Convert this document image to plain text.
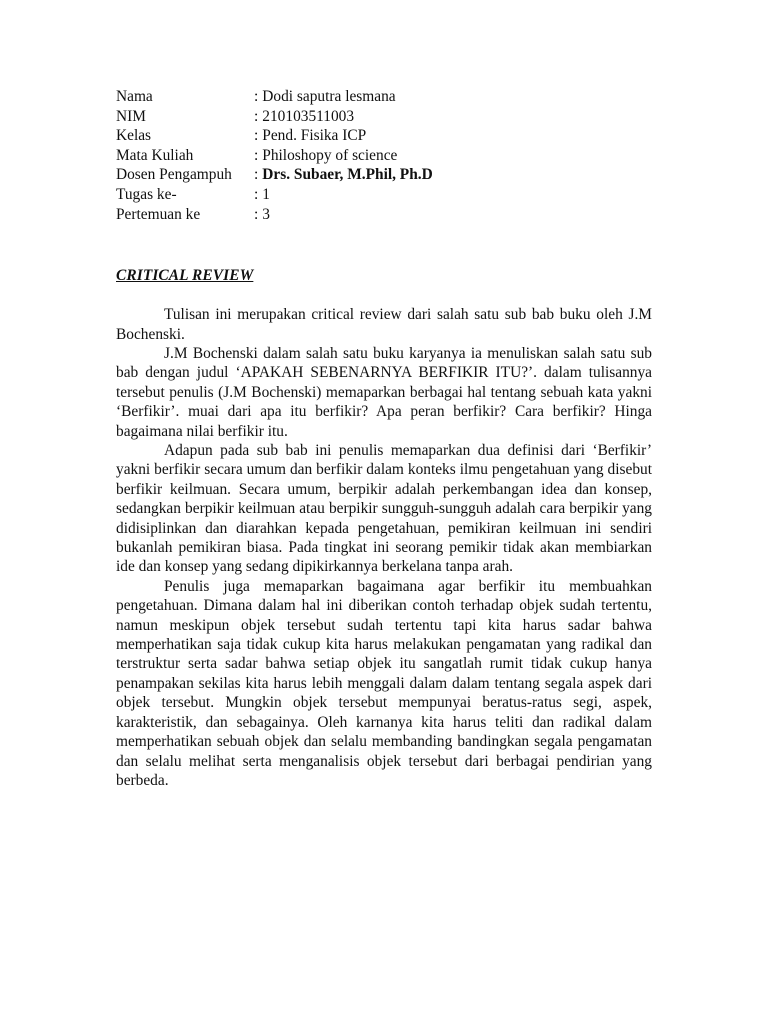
Nama	: Dodi saputra lesmana
NIM	: 210103511003
Kelas	: Pend. Fisika ICP
Mata Kuliah	: Philoshopy of science
Dosen Pengampuh	: Drs. Subaer, M.Phil, Ph.D
Tugas ke-	: 1
Pertemuan ke	: 3
CRITICAL REVIEW

Tulisan ini merupakan critical review dari salah satu sub bab buku oleh J.M Bochenski.

J.M Bochenski dalam salah satu buku karyanya ia menuliskan salah satu sub bab dengan judul ‘APAKAH SEBENARNYA BERFIKIR ITU?’. dalam tulisannya tersebut penulis (J.M Bochenski) memaparkan berbagai hal tentang sebuah kata yakni ‘Berfikir’. muai dari apa itu berfikir? Apa peran berfikir? Cara berfikir? Hinga bagaimana nilai berfikir itu.

Adapun pada sub bab ini penulis memaparkan dua definisi dari ‘Berfikir’ yakni berfikir secara umum dan berfikir dalam konteks ilmu pengetahuan yang disebut berfikir keilmuan. Secara umum, berpikir adalah perkembangan idea dan konsep, sedangkan berpikir keilmuan atau berpikir sungguh-sungguh adalah cara berpikir yang didisiplinkan dan diarahkan kepada pengetahuan, pemikiran keilmuan ini sendiri bukanlah pemikiran biasa. Pada tingkat ini seorang pemikir tidak akan membiarkan ide dan konsep yang sedang dipikirkannya berkelana tanpa arah.

Penulis juga memaparkan bagaimana agar berfikir itu membuahkan pengetahuan. Dimana dalam hal ini diberikan contoh terhadap objek sudah tertentu, namun meskipun objek tersebut sudah tertentu tapi kita harus sadar bahwa memperhatikan saja tidak cukup kita harus melakukan pengamatan yang radikal dan terstruktur serta sadar bahwa setiap objek itu sangatlah rumit tidak cukup hanya penampakan sekilas kita harus lebih menggali dalam dalam tentang segala aspek dari objek tersebut. Mungkin objek tersebut mempunyai beratus-ratus segi, aspek, karakteristik, dan sebagainya. Oleh karnanya kita harus teliti dan radikal dalam memperhatikan sebuah objek dan selalu membanding bandingkan segala pengamatan dan selalu melihat serta menganalisis objek tersebut dari berbagai pendirian yang berbeda.
